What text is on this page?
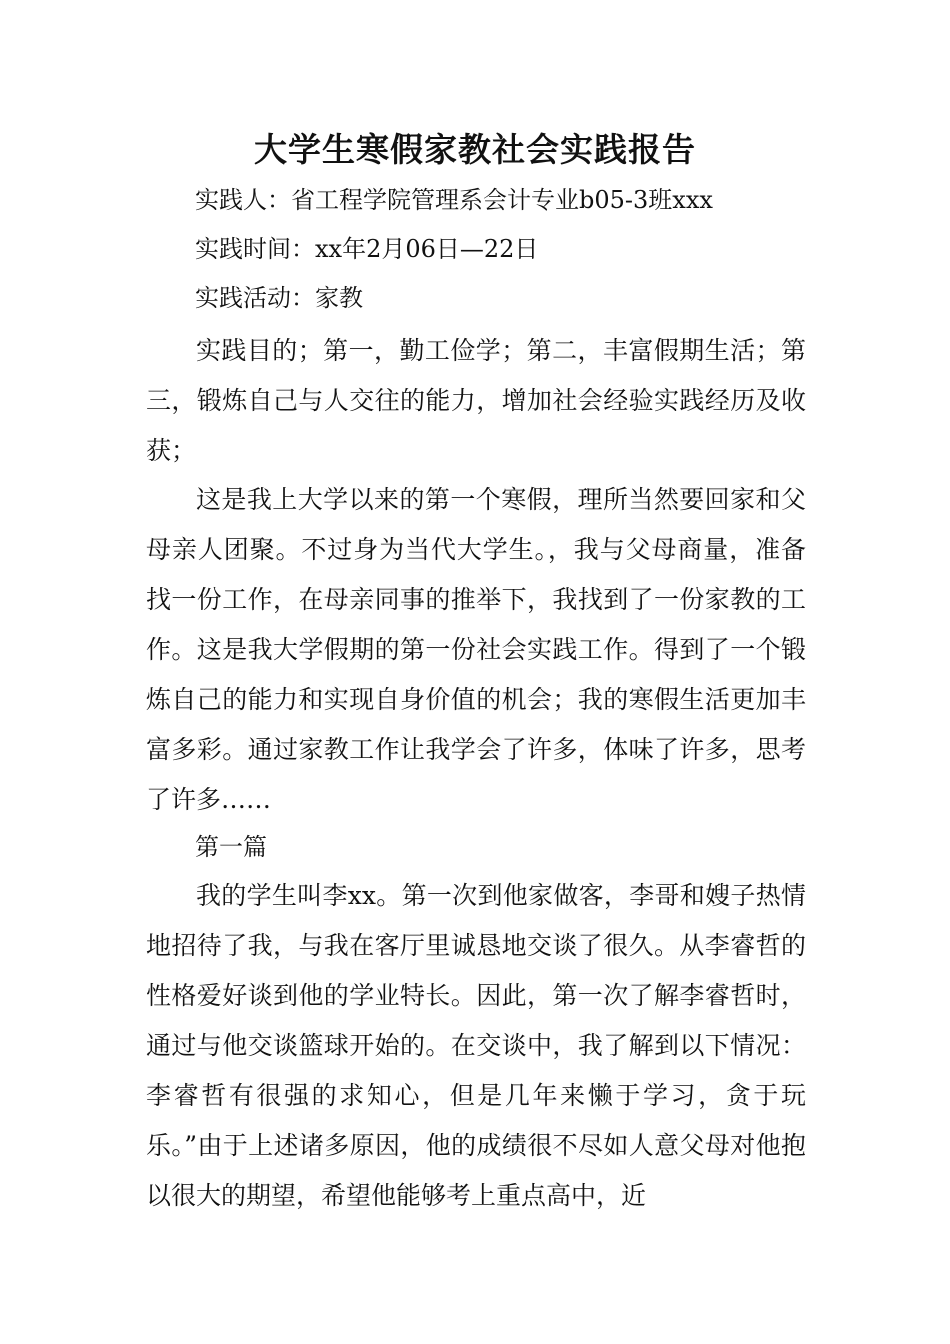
大学生寒假家教社会实践报告

实践人：省工程学院管理系会计专业b05-3班xxx

实践时间：xx年2月06日—22日

实践活动：家教

实践目的；第一，勤工俭学；第二，丰富假期生活；第三，锻炼自己与人交往的能力，增加社会经验实践经历及收获；

这是我上大学以来的第一个寒假，理所当然要回家和父母亲人团聚。不过身为当代大学生。，我与父母商量，准备找一份工作，在母亲同事的推举下，我找到了一份家教的工作。这是我大学假期的第一份社会实践工作。得到了一个锻炼自己的能力和实现自身价值的机会；我的寒假生活更加丰富多彩。通过家教工作让我学会了许多，体味了许多，思考了许多……

第一篇

我的学生叫李xx。第一次到他家做客，李哥和嫂子热情地招待了我，与我在客厅里诚恳地交谈了很久。从李睿哲的性格爱好谈到他的学业特长。因此，第一次了解李睿哲时，通过与他交谈篮球开始的。在交谈中，我了解到以下情况：李睿哲有很强的求知心，但是几年来懒于学习，贪于玩乐。”由于上述诸多原因，他的成绩很不尽如人意父母对他抱以很大的期望，希望他能够考上重点高中，近
